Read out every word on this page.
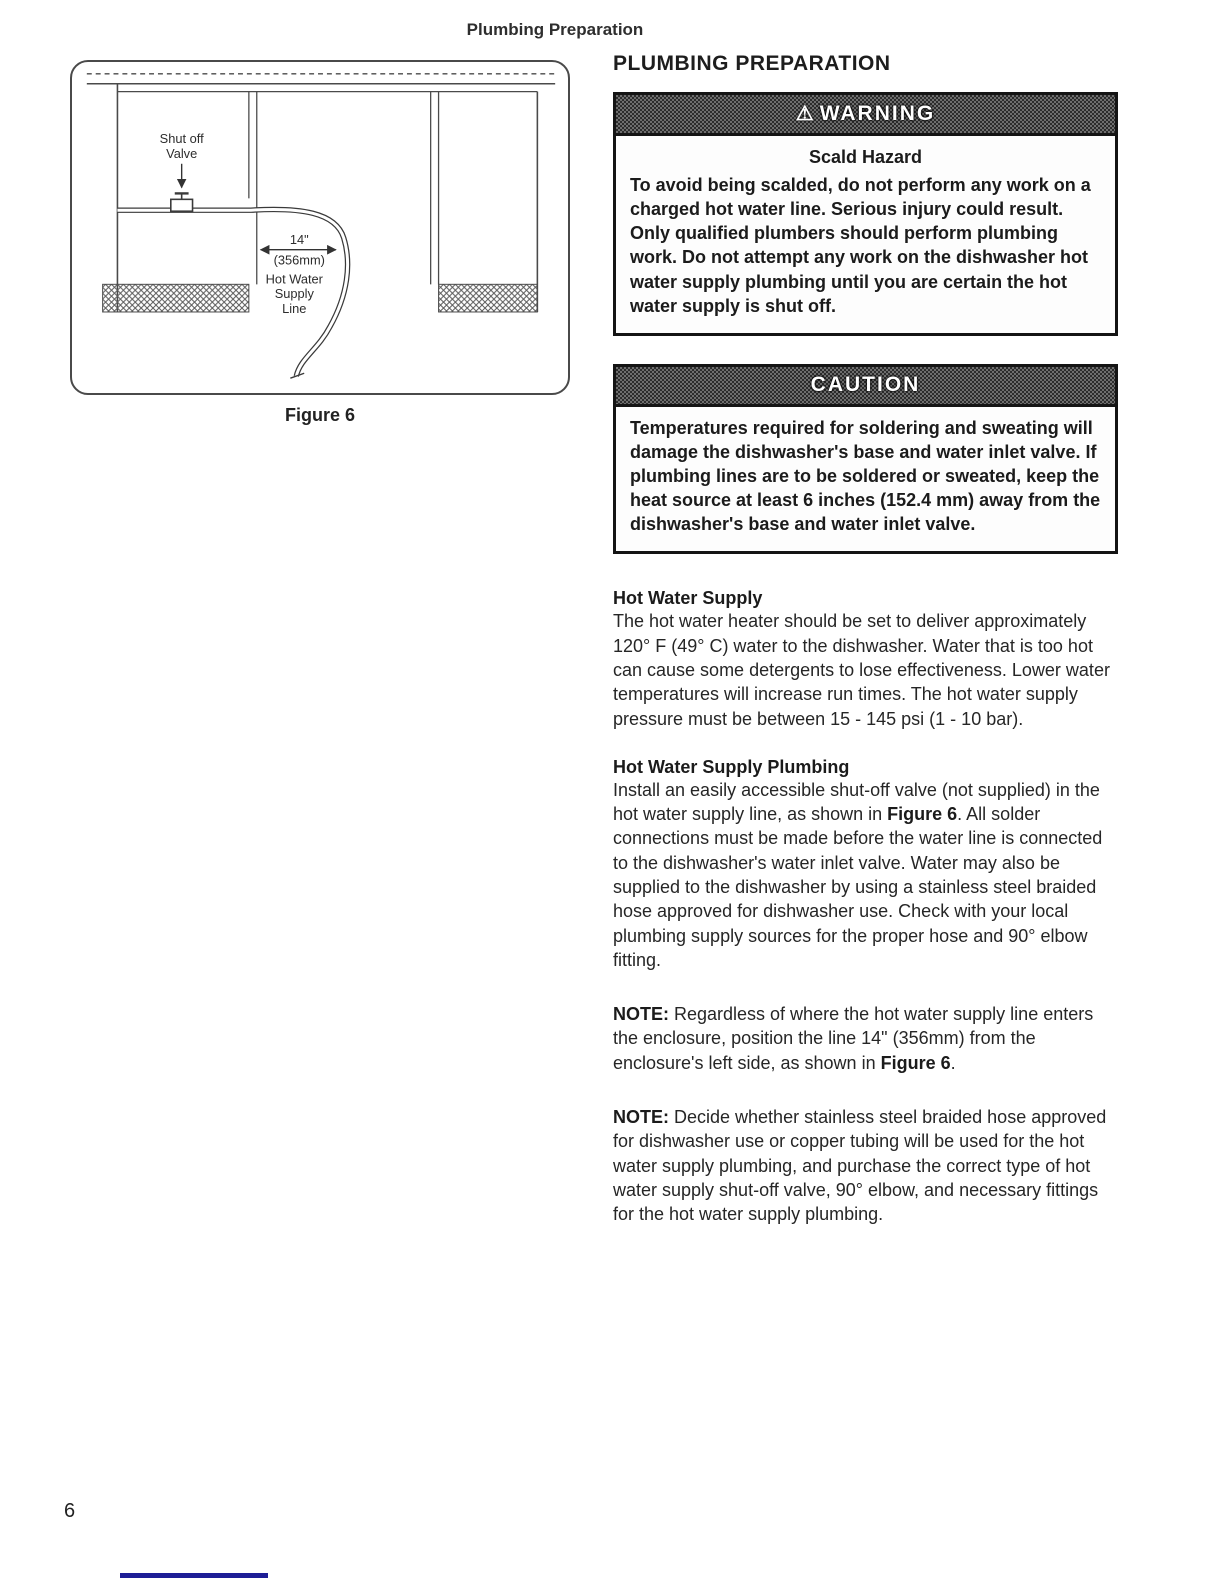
Plumbing Preparation
Shut off
Valve
14"
(356mm)
Hot Water
Supply
Line
Figure 6
PLUMBING PREPARATION
⚠ WARNING
Scald Hazard
To avoid being scalded, do not perform any work on a charged hot water line. Serious injury could result. Only qualified plumbers should perform plumbing work. Do not attempt any work on the dishwasher hot water supply plumbing until you are certain the hot water supply is shut off.
CAUTION
Temperatures required for soldering and sweating will damage the dishwasher's base and water inlet valve. If plumbing lines are to be soldered or sweated, keep the heat source at least 6 inches (152.4 mm) away from the dishwasher's base and water inlet valve.

Hot Water Supply

The hot water heater should be set to deliver approximately 120° F (49° C) water to the dishwasher. Water that is too hot can cause some detergents to lose effectiveness. Lower water temperatures will increase run times. The hot water supply pressure must be between 15 - 145 psi (1 - 10 bar).

Hot Water Supply Plumbing

Install an easily accessible shut-off valve (not supplied) in the hot water supply line, as shown in Figure 6. All solder connections must be made before the water line is connected to the dishwasher's water inlet valve. Water may also be supplied to the dishwasher by using a stainless steel braided hose approved for dishwasher use. Check with your local plumbing supply sources for the proper hose and 90° elbow fitting.

NOTE: Regardless of where the hot water supply line enters the enclosure, position the line 14" (356mm) from the enclosure's left side, as shown in Figure 6.

NOTE: Decide whether stainless steel braided hose approved for dishwasher use or copper tubing will be used for the hot water supply plumbing, and purchase the correct type of hot water supply shut-off valve, 90° elbow, and necessary fittings for the hot water supply plumbing.

6
